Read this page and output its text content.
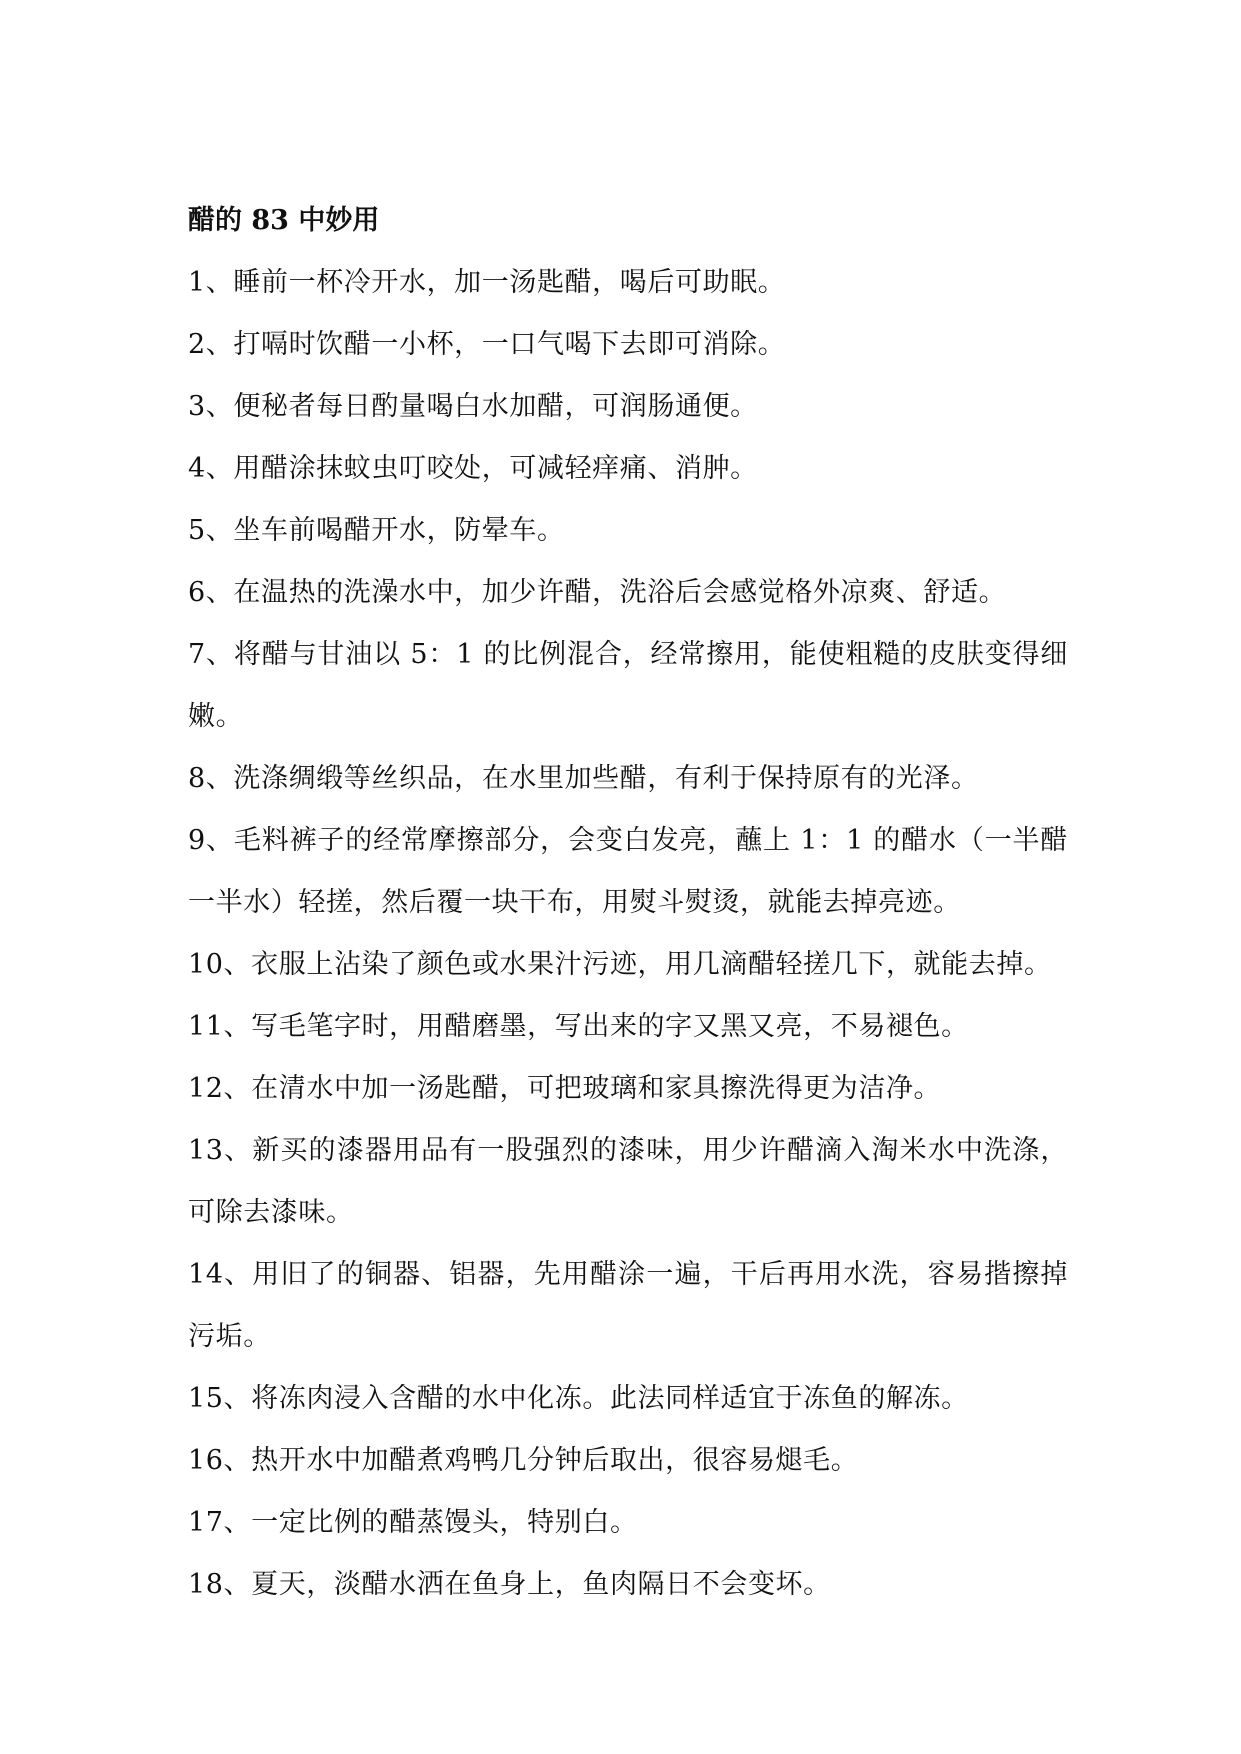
醋的 83 中妙用

1、睡前一杯冷开水，加一汤匙醋，喝后可助眠。

2、打嗝时饮醋一小杯，一口气喝下去即可消除。

3、便秘者每日酌量喝白水加醋，可润肠通便。

4、用醋涂抹蚊虫叮咬处，可减轻痒痛、消肿。

5、坐车前喝醋开水，防晕车。

6、在温热的洗澡水中，加少许醋，洗浴后会感觉格外凉爽、舒适。

7、将醋与甘油以 5：1 的比例混合，经常擦用，能使粗糙的皮肤变得细嫩。

8、洗涤绸缎等丝织品，在水里加些醋，有利于保持原有的光泽。

9、毛料裤子的经常摩擦部分，会变白发亮，蘸上 1：1 的醋水（一半醋一半水）轻搓，然后覆一块干布，用熨斗熨烫，就能去掉亮迹。

10、衣服上沾染了颜色或水果汁污迹，用几滴醋轻搓几下，就能去掉。

11、写毛笔字时，用醋磨墨，写出来的字又黑又亮，不易褪色。

12、在清水中加一汤匙醋，可把玻璃和家具擦洗得更为洁净。

13、新买的漆器用品有一股强烈的漆味，用少许醋滴入淘米水中洗涤，可除去漆味。

14、用旧了的铜器、铝器，先用醋涂一遍，干后再用水洗，容易揩擦掉污垢。

15、将冻肉浸入含醋的水中化冻。此法同样适宜于冻鱼的解冻。

16、热开水中加醋煮鸡鸭几分钟后取出，很容易煺毛。

17、一定比例的醋蒸馒头，特别白。

18、夏天，淡醋水洒在鱼身上，鱼肉隔日不会变坏。
